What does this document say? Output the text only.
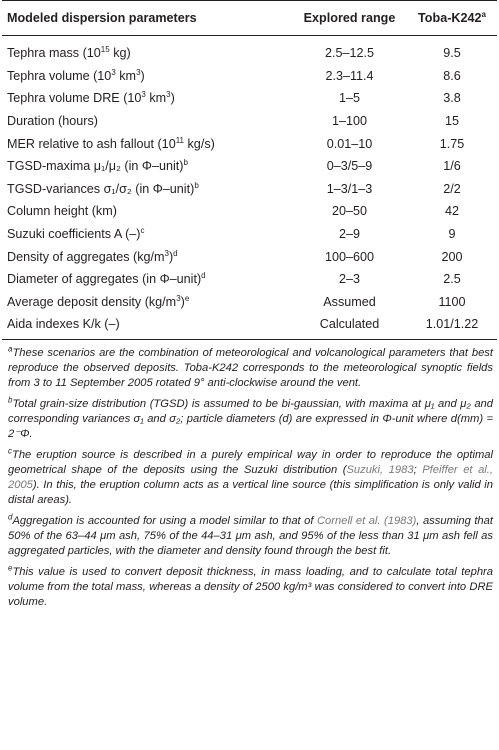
Modeled dispersion parameters	Explored range	Toba-K242$^a$
Tephra mass ($10^{15}$ kg)	2.5–12.5	9.5
Tephra volume ($10^3$ $km^3$)	2.3–11.4	8.6
Tephra volume DRE ($10^3$ $km^3$)	1–5	3.8
Duration (hours)	1–100	15
MER relative to ash fallout ($10^{11}$ kg/s)	0.01–10	1.75
TGSD-maxima μ₁/μ₂ (in Φ–unit)$^b$	0–3/5–9	1/6
TGSD-variances σ₁/σ₂ (in Φ–unit)$^b$	1–3/1–3	2/2
Column height (km)	20–50	42
Suzuki coefficients A $(-)^c$	2–9	9
Density of aggregates $(kg/m^3)^d$	100–600	200
Diameter of aggregates (in Φ–unit)$^d$	2–3	2.5
Average deposit density $(kg/m^3)^e$	Assumed	1100
Aida indexes K/k (–)	Calculated	1.01/1.22

$^a$These scenarios are the combination of meteorological and volcanological parameters that best reproduce the observed deposits. Toba-K242 corresponds to the meteorological synoptic fields from 3 to 11 September 2005 rotated 9° anti-clockwise around the vent.

$^b$Total grain-size distribution (TGSD) is assumed to be bi-gaussian, with maxima at μ₁ and μ₂ and corresponding variances σ₁ and σ₂; particle diameters (d) are expressed in Φ-unit where d(mm) = 2⁻Φ.

$^c$The eruption source is described in a purely empirical way in order to reproduce the optimal geometrical shape of the deposits using the Suzuki distribution (Suzuki, 1983; Pfeiffer et al., 2005). In this, the eruption column acts as a vertical line source (this simplification is only valid in distal areas).

$^d$Aggregation is accounted for using a model similar to that of Cornell et al. (1983), assuming that 50% of the 63–44 μm ash, 75% of the 44–31 μm ash, and 95% of the less than 31 μm ash fell as aggregated particles, with the diameter and density found through the best fit.

$^e$This value is used to convert deposit thickness, in mass loading, and to calculate total tephra volume from the total mass, whereas a density of 2500 kg/m³ was considered to convert into DRE volume.
